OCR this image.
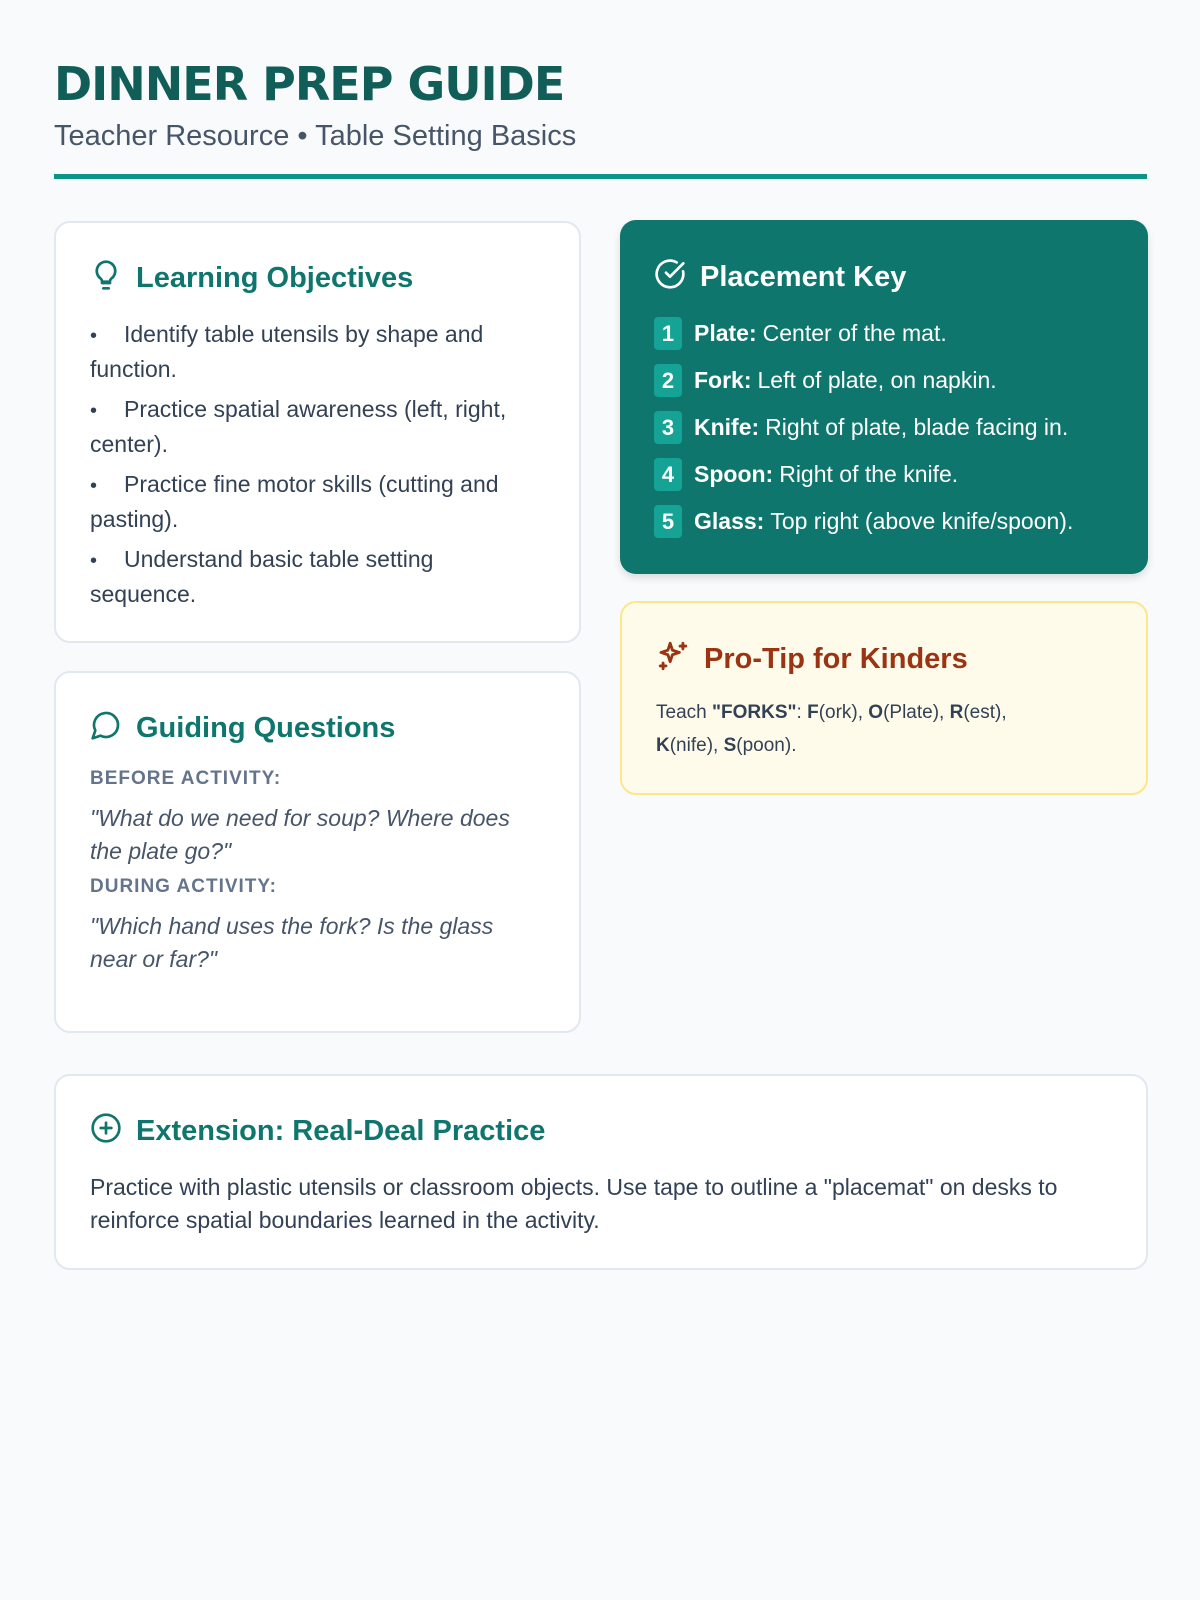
DINNER PREP GUIDE
Teacher Resource • Table Setting Basics
Learning Objectives
• Identify table utensils by shape and function.
• Practice spatial awareness (left, right, center).
• Practice fine motor skills (cutting and pasting).
• Understand basic table setting sequence.
Guiding Questions
BEFORE ACTIVITY:

"What do we need for soup? Where does the plate go?"

DURING ACTIVITY:

"Which hand uses the fork? Is the glass near or far?"

Placement Key
1 Plate: Center of the mat.
2 Fork: Left of plate, on napkin.
3 Knife: Right of plate, blade facing in.
4 Spoon: Right of the knife.
5 Glass: Top right (above knife/spoon).
Pro-Tip for Kinders

Teach "FORKS": F(ork), O(Plate), R(est),
K(nife), S(poon).

Extension: Real-Deal Practice

Practice with plastic utensils or classroom objects. Use tape to outline a "placemat" on desks to reinforce spatial boundaries learned in the activity.
